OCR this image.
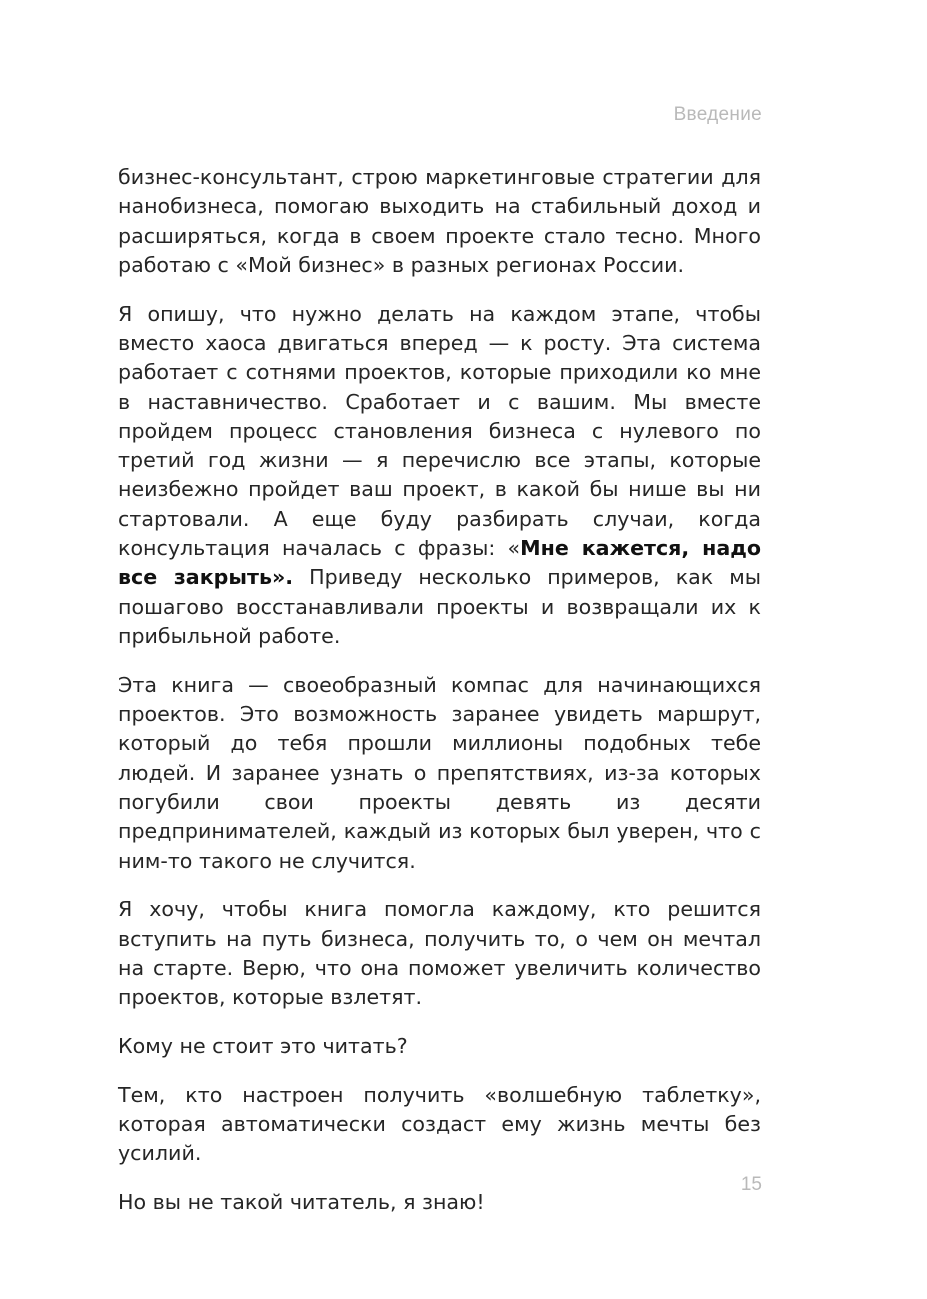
Введение

бизнес-консультант, строю маркетинговые стратегии для нанобизнеса, помогаю выходить на стабильный доход и расширяться, когда в своем проекте стало тесно. Много работаю с «Мой бизнес» в разных регионах России.

Я опишу, что нужно делать на каждом этапе, чтобы вместо хаоса двигаться вперед — к росту. Эта система работает с сотнями проектов, которые приходили ко мне в наставничество. Сработает и с вашим. Мы вместе пройдем процесс становления бизнеса с нулевого по третий год жизни — я перечислю все этапы, которые неизбежно пройдет ваш проект, в какой бы нише вы ни стартовали. А еще буду разбирать случаи, когда консультация началась с фразы: «Мне кажется, надо все закрыть». Приведу несколько примеров, как мы пошагово восстанавливали проекты и возвращали их к прибыльной работе.

Эта книга — своеобразный компас для начинающихся проектов. Это возможность заранее увидеть маршрут, который до тебя прошли миллионы подобных тебе людей. И заранее узнать о препятствиях, из-за которых погубили свои проекты девять из десяти предпринимателей, каждый из которых был уверен, что с ним-то такого не случится.

Я хочу, чтобы книга помогла каждому, кто решится вступить на путь бизнеса, получить то, о чем он мечтал на старте. Верю, что она поможет увеличить количество проектов, которые взлетят.

Кому не стоит это читать?

Тем, кто настроен получить «волшебную таблетку», которая автоматически создаст ему жизнь мечты без усилий.

Но вы не такой читатель, я знаю!

15
